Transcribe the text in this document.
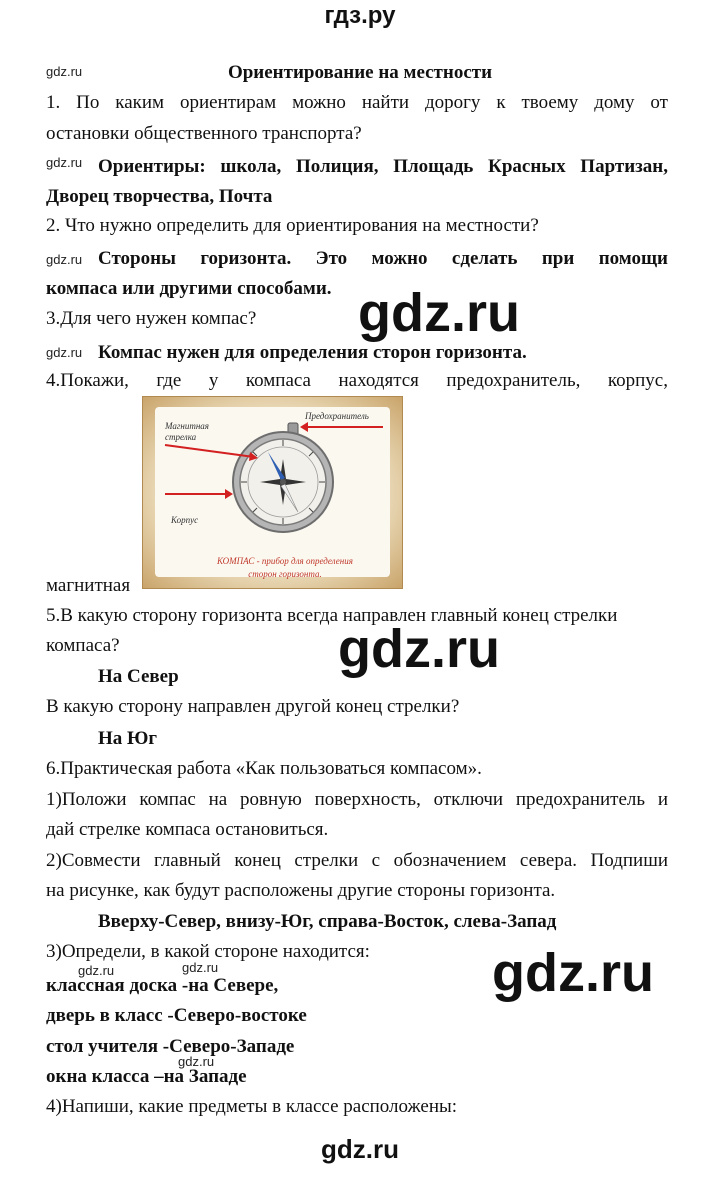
гдз.ру
Ориентирование на местности
gdz.ru
gdz.ru
gdz.ru
gdz.ru
gdz.ru	gdz.ru
gdz.ru
gdz.ru
gdz.ru
gdz.ru
1. По каким ориентирам можно найти дорогу к твоему дому от
остановки общественного транспорта?
Ориентиры: школа, Полиция, Площадь Красных Партизан,
Дворец творчества, Почта
2. Что нужно определить для ориентирования на местности?
Стороны горизонта. Это можно сделать при помощи
компаса или другими способами.
3.Для чего нужен компас?
Компас нужен для определения сторон горизонта.
4.Покажи, где у компаса находятся предохранитель, корпус,
Магнитная стрелка
Предохранитель
Корпус
КОМПАС - прибор для определения
сторон горизонта.
магнитная
5.В какую сторону горизонта всегда направлен главный конец стрелки
компаса?
На Север
В какую сторону направлен другой конец стрелки?
На Юг
6.Практическая работа «Как пользоваться компасом».
1)Положи компас на ровную поверхность, отключи предохранитель и
дай стрелке компаса остановиться.
2)Совмести главный конец стрелки с обозначением севера. Подпиши
на рисунке, как будут расположены другие стороны горизонта.
Вверху-Север, внизу-Юг, справа-Восток, слева-Запад
3)Определи, в какой стороне находится:
классная доска -на Севере,
дверь в класс -Северо-востоке
стол учителя -Северо-Западе
окна класса –на Западе
4)Напиши, какие предметы в классе расположены:
gdz.ru
